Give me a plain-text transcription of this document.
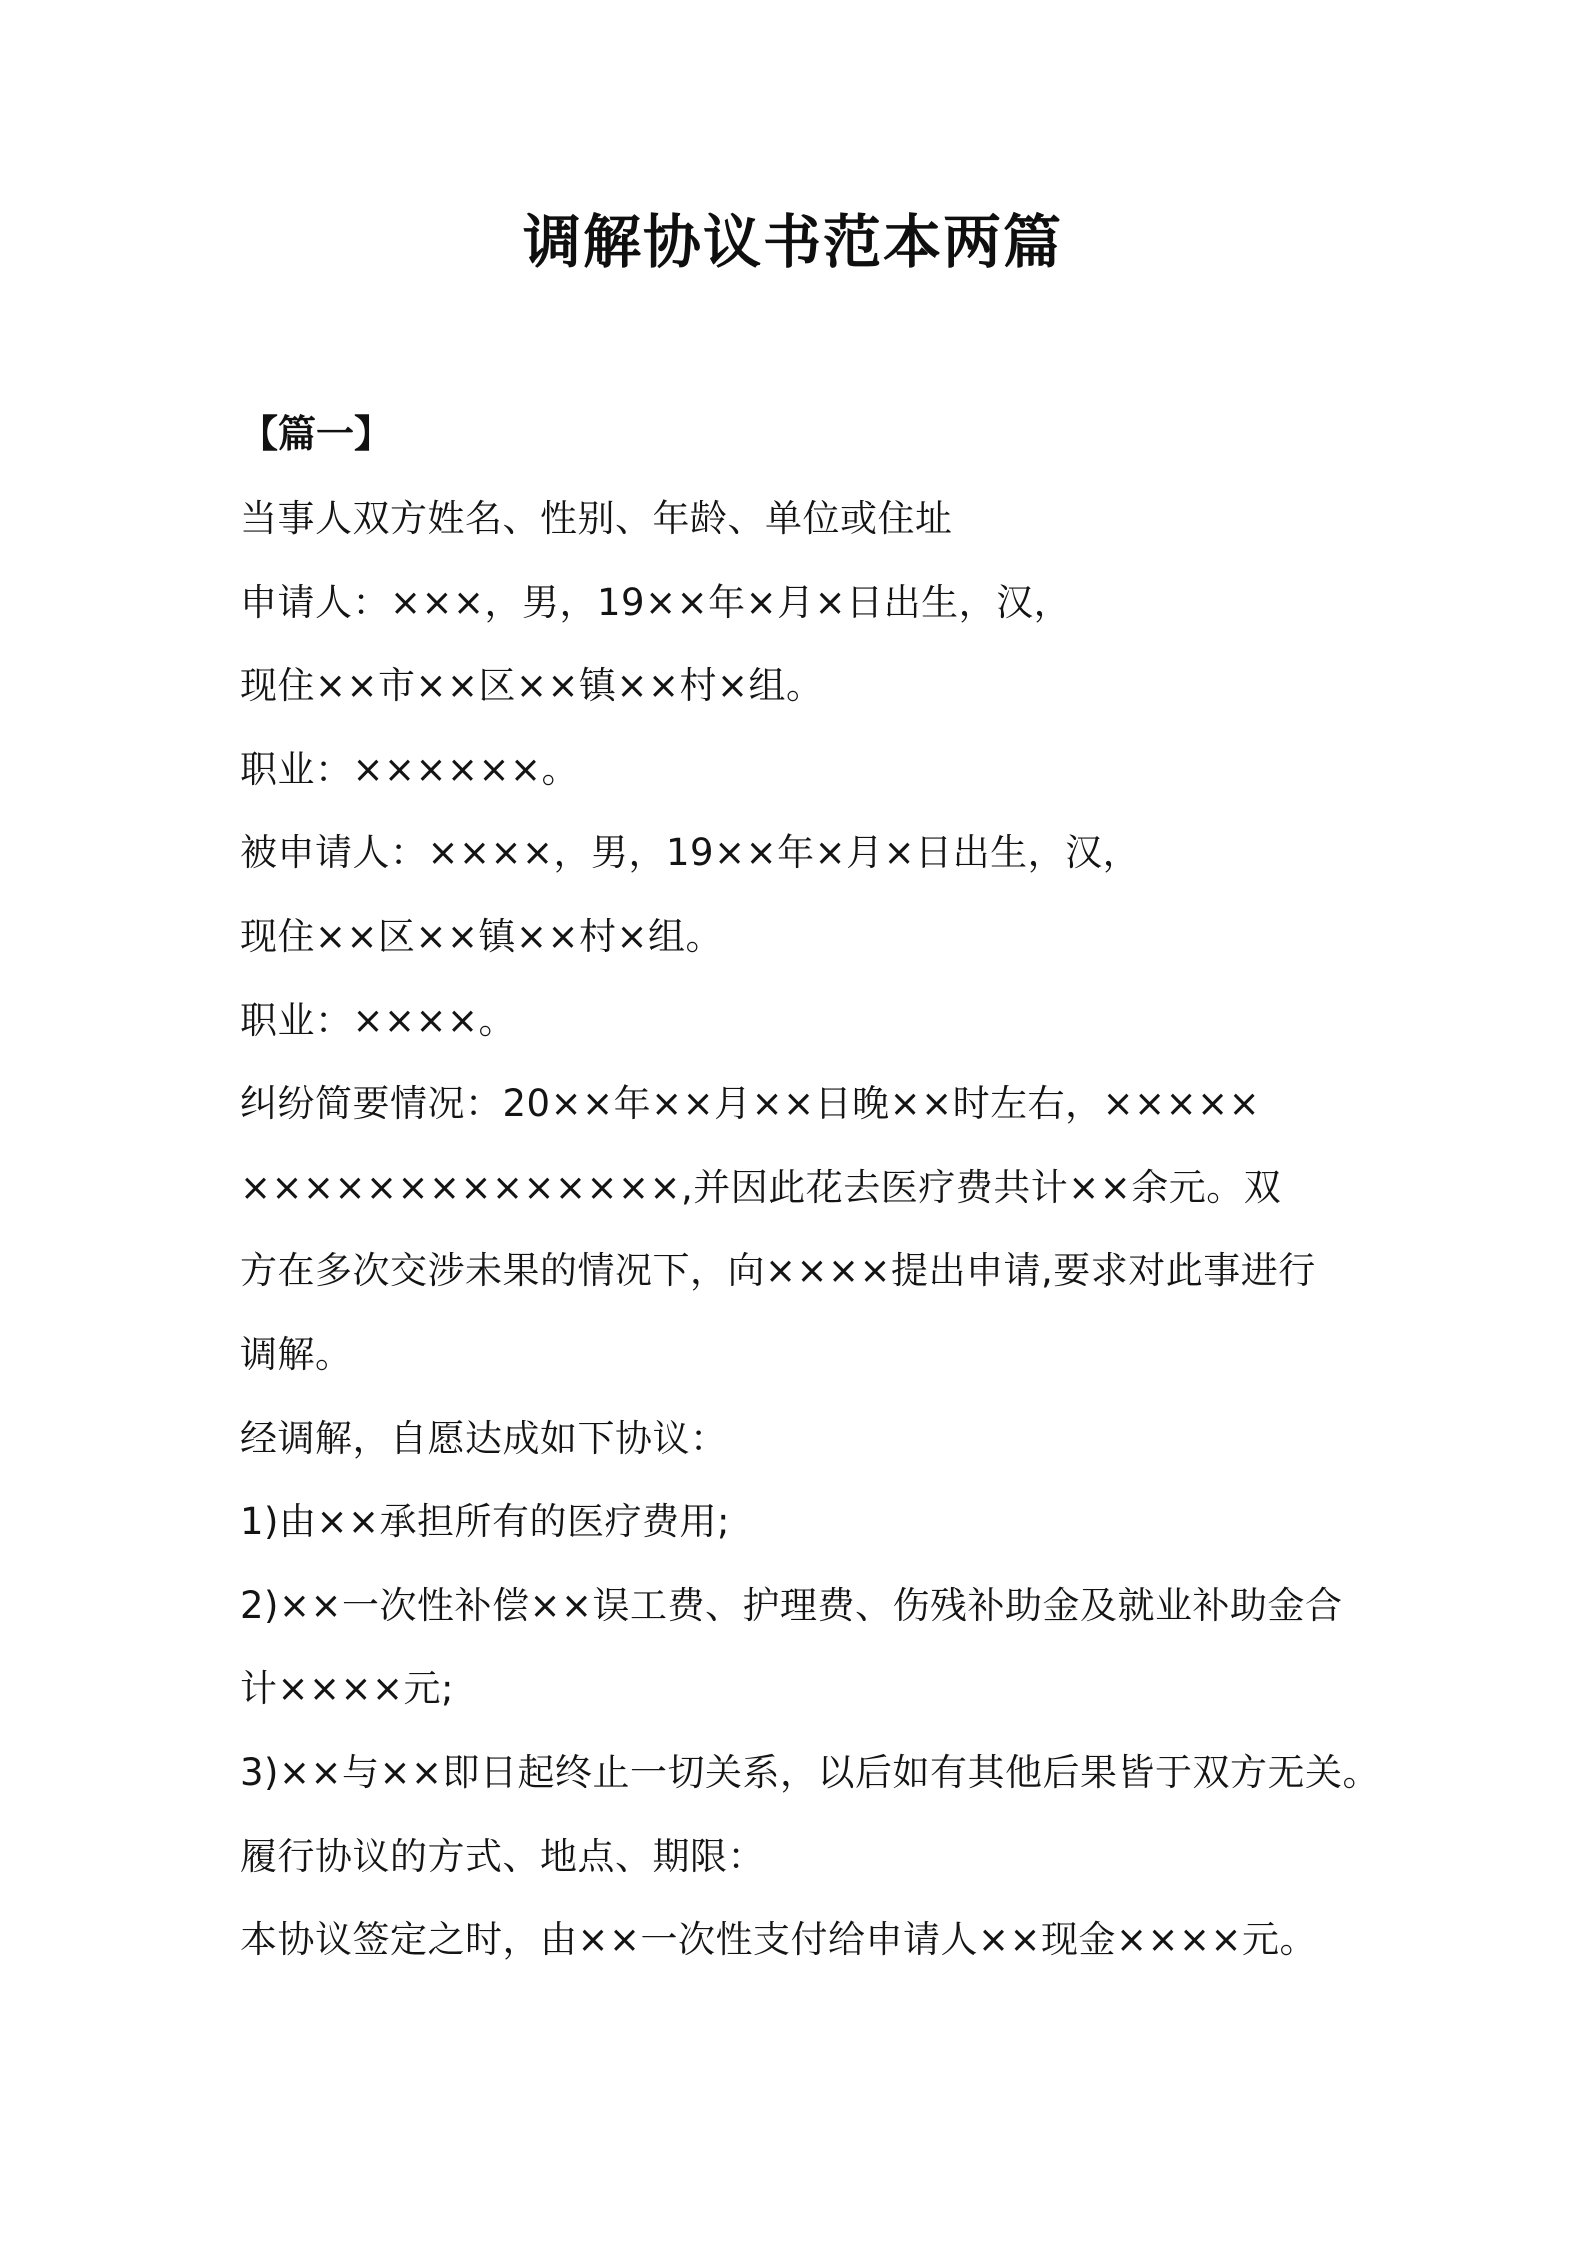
调解协议书范本两篇

【篇一】

当事人双方姓名、性别、年龄、单位或住址
申请人：×××，男，19××年×月×日出生，汉，
现住××市××区××镇××村×组。
职业：××××××。
被申请人：××××，男，19××年×月×日出生，汉，
现住××区××镇××村×组。
职业：××××。
纠纷简要情况：20××年××月××日晚××时左右，×××××
××××××××××××××,并因此花去医疗费共计××余元。双
方在多次交涉未果的情况下，向××××提出申请,要求对此事进行
调解。
经调解，自愿达成如下协议：
1)由××承担所有的医疗费用;
2)××一次性补偿××误工费、护理费、伤残补助金及就业补助金合
计××××元;
3)××与××即日起终止一切关系，以后如有其他后果皆于双方无关。
履行协议的方式、地点、期限：
本协议签定之时，由××一次性支付给申请人××现金××××元。
